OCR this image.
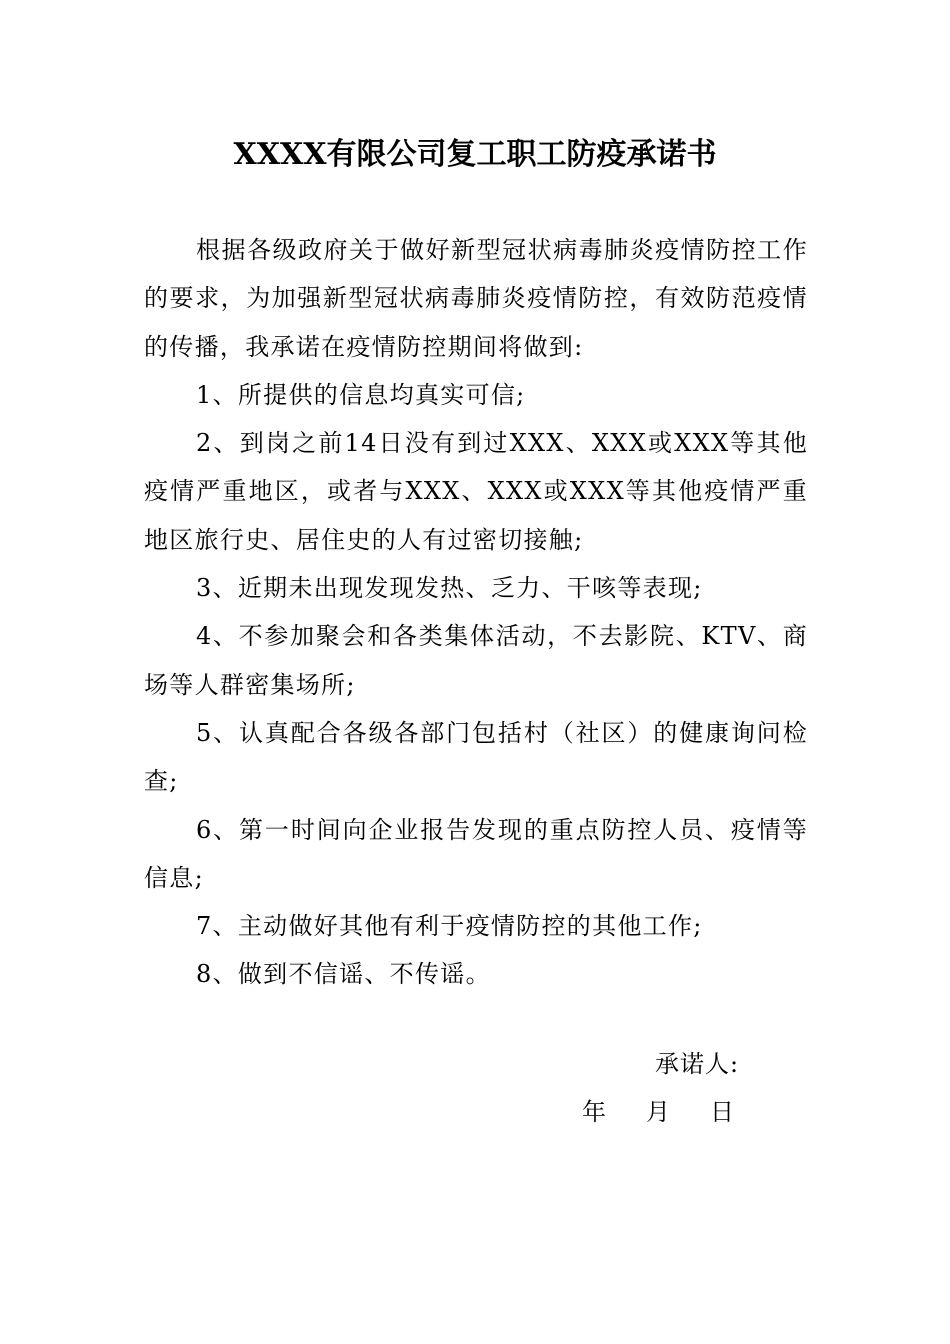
XXXX有限公司复工职工防疫承诺书

根据各级政府关于做好新型冠状病毒肺炎疫情防控工作的要求，为加强新型冠状病毒肺炎疫情防控，有效防范疫情的传播，我承诺在疫情防控期间将做到:

1、所提供的信息均真实可信;

2、到岗之前14日没有到过XXX、XXX或XXX等其他疫情严重地区，或者与XXX、XXX或XXX等其他疫情严重地区旅行史、居住史的人有过密切接触;

3、近期未出现发现发热、乏力、干咳等表现;

4、不参加聚会和各类集体活动，不去影院、KTV、商场等人群密集场所;

5、认真配合各级各部门包括村（社区）的健康询问检查;

6、第一时间向企业报告发现的重点防控人员、疫情等信息;

7、主动做好其他有利于疫情防控的其他工作;

8、做到不信谣、不传谣。

承诺人:
年 月 日
